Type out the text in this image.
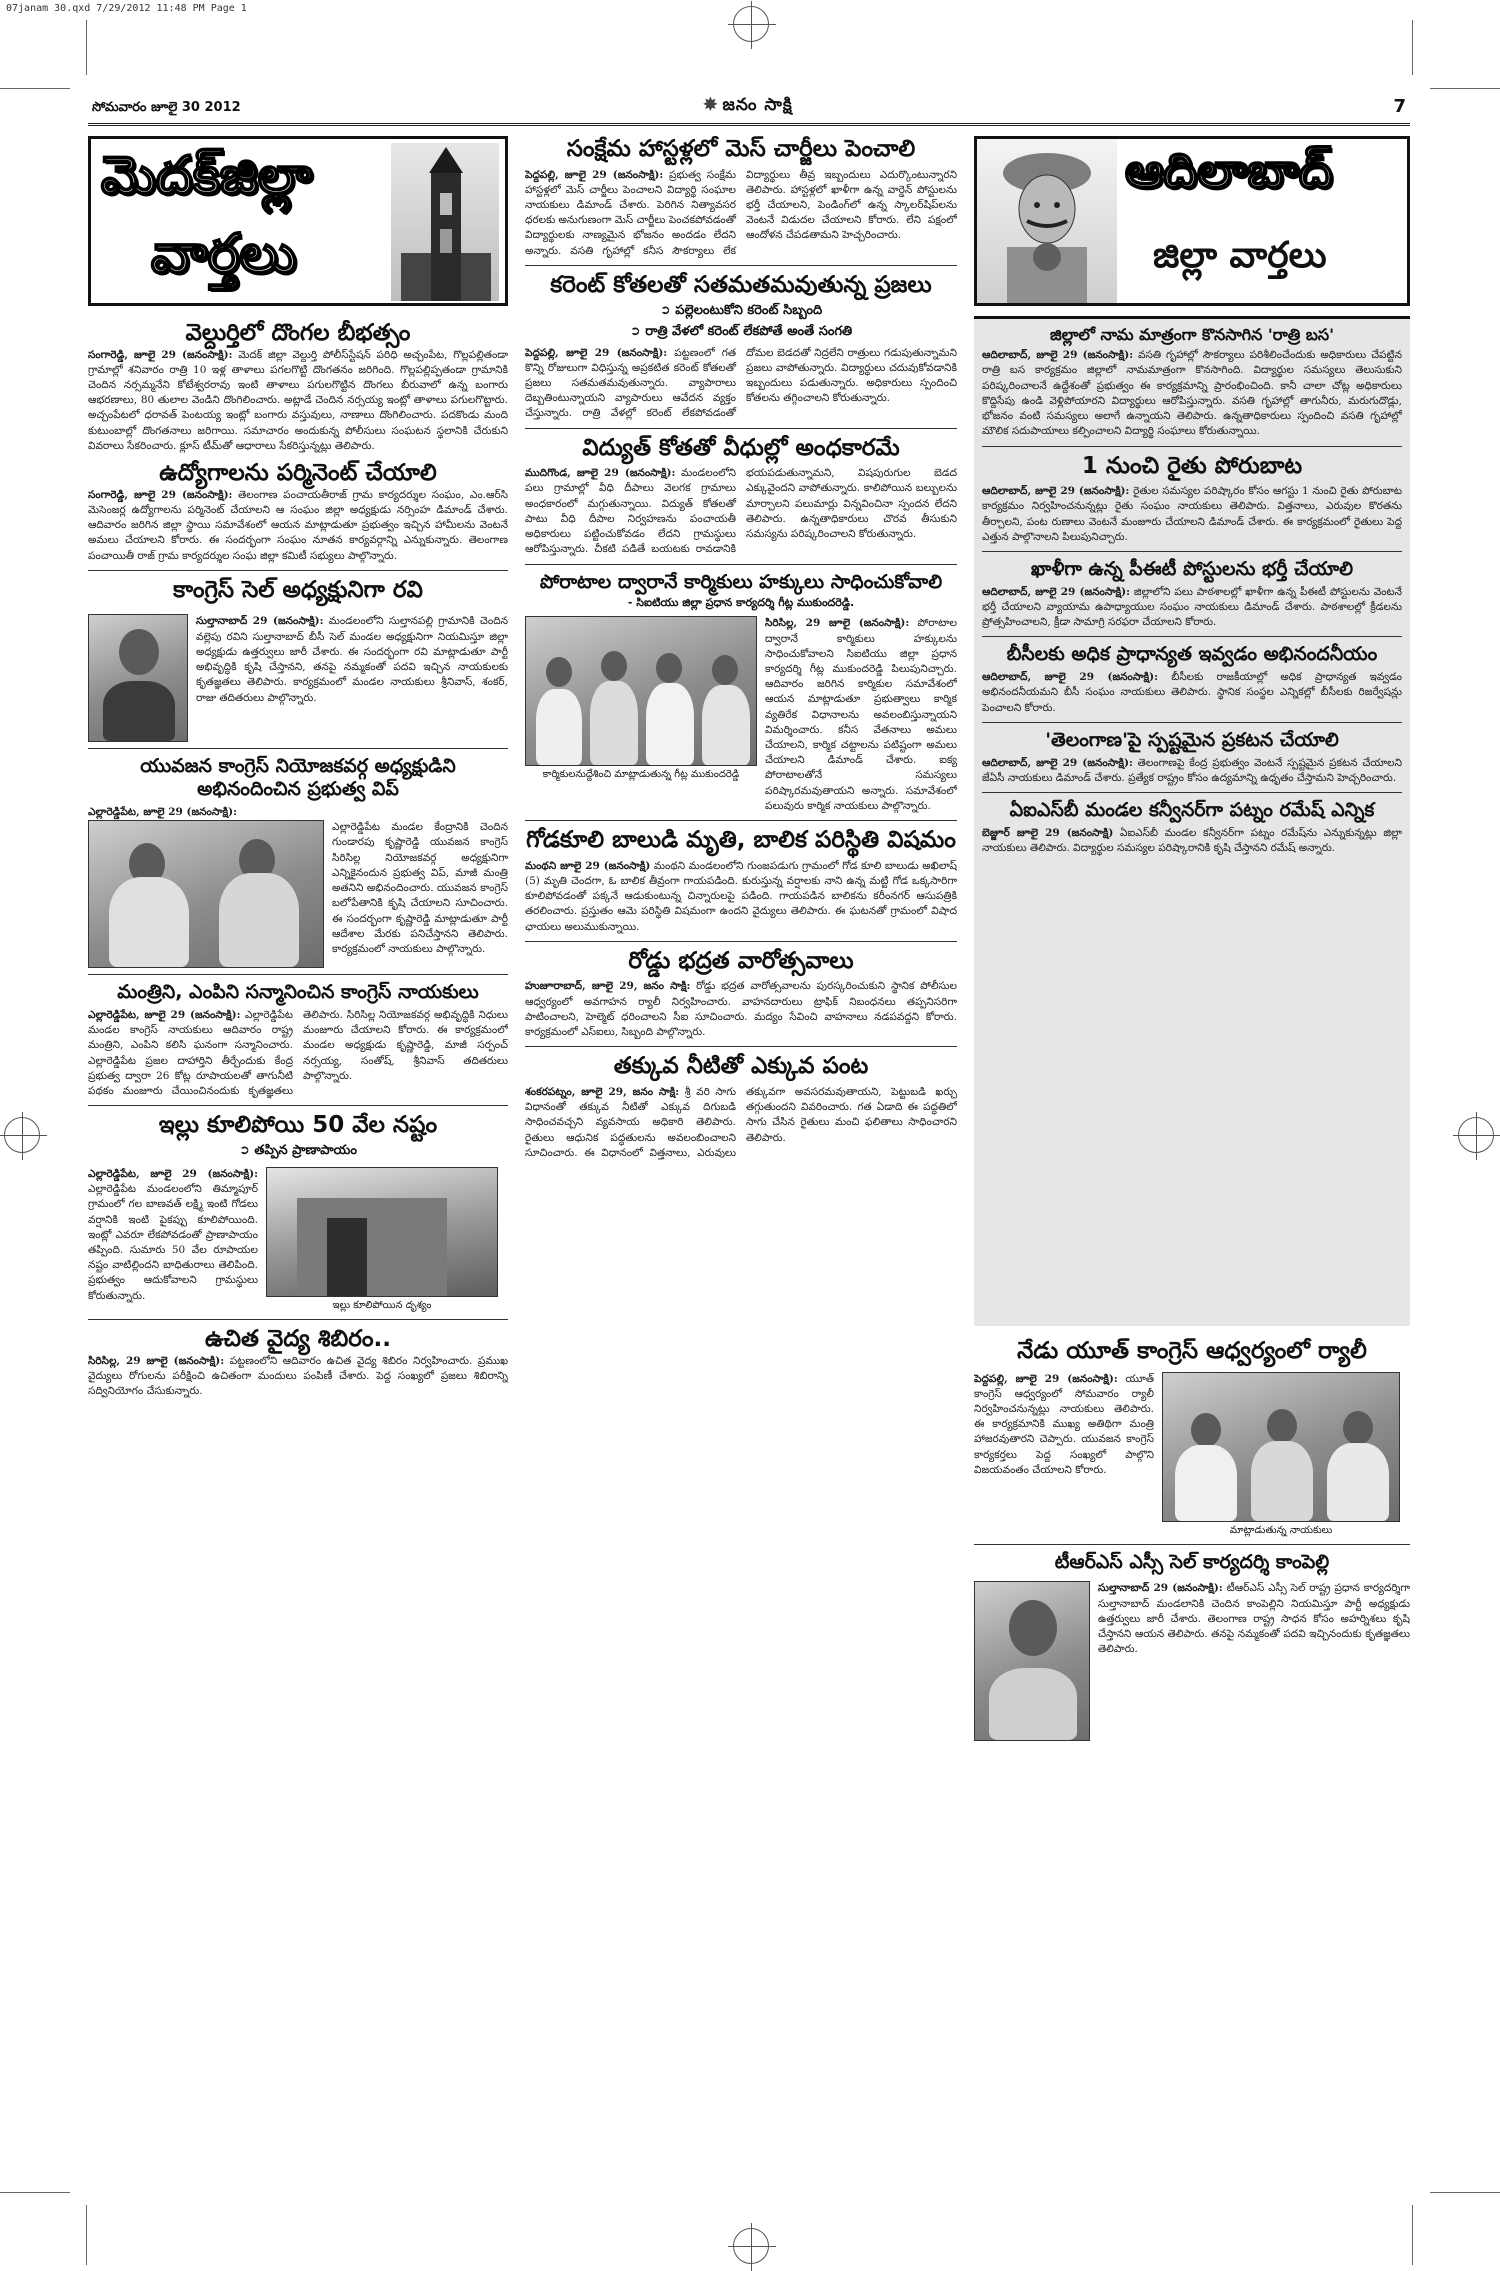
07janam 30.qxd 7/29/2012 11:48 PM Page 1
సోమవారం జూలై 30 2012	✸ జనం సాక్షి	7
మెదక్‌జిల్లా
వార్తలు
వెల్దుర్తిలో దొంగల బీభత్సం

సంగారెడ్డి, జూలై 29 (జనంసాక్షి): మెదక్ జిల్లా వెల్దుర్తి పోలీస్‌స్టేషన్ పరిధి అచ్చంపేట, గొల్లపల్లితండా గ్రామాల్లో శనివారం రాత్రి 10 ఇళ్ల తాళాలు పగలగొట్టి దొంగతనం జరిగింది. గొల్లపల్లిప్పతండా గ్రామానికి చెందిన నర్సమ్మనేని కోటేశ్వరరావు ఇంటి తాళాలు పగులగొట్టిన దొంగలు బీరువాలో ఉన్న బంగారు ఆభరణాలు, 80 తులాల వెండిని దొంగిలించారు. అట్లాడే చెందిన నర్సయ్య ఇంట్లో తాళాలు పగులగొట్టారు. అచ్చంపేటలో ధరావత్ పెంటయ్య ఇంట్లో బంగారు వస్తువులు, నాణాలు దొంగిలించారు. పదకొండు మంది కుటుంబాల్లో దొంగతనాలు జరిగాయి. సమాచారం అందుకున్న పోలీసులు సంఘటన స్థలానికి చేరుకుని వివరాలు సేకరించారు. క్లూస్ టీమ్‌తో ఆధారాలు సేకరిస్తున్నట్లు తెలిపారు.

ఉద్యోగాలను పర్మినెంట్ చేయాలి

సంగారెడ్డి, జూలై 29 (జనంసాక్షి): తెలంగాణ పంచాయతీరాజ్ గ్రామ కార్యదర్శుల సంఘం, ఎం.ఆర్‌సి మెసెంజర్ల ఉద్యోగాలను పర్మినెంట్ చేయాలని ఆ సంఘం జిల్లా అధ్యక్షుడు నర్సింహ డిమాండ్ చేశారు. ఆదివారం జరిగిన జిల్లా స్థాయి సమావేశంలో ఆయన మాట్లాడుతూ ప్రభుత్వం ఇచ్చిన హామీలను వెంటనే అమలు చేయాలని కోరారు. ఈ సందర్భంగా సంఘం నూతన కార్యవర్గాన్ని ఎన్నుకున్నారు. తెలంగాణ పంచాయితీ రాజ్ గ్రామ కార్యదర్శుల సంఘ జిల్లా కమిటీ సభ్యులు పాల్గొన్నారు.

కాంగ్రెస్ సెల్ అధ్యక్షునిగా రవి

సుల్తానాబాద్ 29 (జనంసాక్షి): మండలంలోని సుల్తానపల్లి గ్రామానికి చెందిన వల్లెపు రవిని సుల్తానాబాద్ బీసీ సెల్ మండల అధ్యక్షునిగా నియమిస్తూ జిల్లా అధ్యక్షుడు ఉత్తర్వులు జారీ చేశారు. ఈ సందర్భంగా రవి మాట్లాడుతూ పార్టీ అభివృద్ధికి కృషి చేస్తానని, తనపై నమ్మకంతో పదవి ఇచ్చిన నాయకులకు కృతజ్ఞతలు తెలిపారు. కార్యక్రమంలో మండల నాయకులు శ్రీనివాస్, శంకర్, రాజు తదితరులు పాల్గొన్నారు.

యువజన కాంగ్రెస్ నియోజకవర్గ అధ్యక్షుడిని అభినందించిన ప్రభుత్వ విప్

ఎల్లారెడ్డిపేట, జూలై 29 (జనంసాక్షి):

ఎల్లారెడ్డిపేట మండల కేంద్రానికి చెందిన గుండారపు కృష్ణారెడ్డి యువజన కాంగ్రెస్ సిరిసిల్ల నియోజకవర్గ అధ్యక్షునిగా ఎన్నికైనందున ప్రభుత్వ విప్, మాజీ మంత్రి అతనిని అభినందించారు. యువజన కాంగ్రెస్ బలోపేతానికి కృషి చేయాలని సూచించారు. ఈ సందర్భంగా కృష్ణారెడ్డి మాట్లాడుతూ పార్టీ ఆదేశాల మేరకు పనిచేస్తానని తెలిపారు. కార్యక్రమంలో నాయకులు పాల్గొన్నారు.

మంత్రిని, ఎంపిని సన్మానించిన కాంగ్రెస్ నాయకులు

ఎల్లారెడ్డిపేట, జూలై 29 (జనంసాక్షి): ఎల్లారెడ్డిపేట మండల కాంగ్రెస్ నాయకులు ఆదివారం రాష్ట్ర మంత్రిని, ఎంపిని కలిసి ఘనంగా సన్మానించారు. ఎల్లారెడ్డిపేట ప్రజల దాహార్తిని తీర్చేందుకు కేంద్ర ప్రభుత్వ ద్వారా 26 కోట్ల రూపాయలతో తాగునీటి పథకం మంజూరు చేయించినందుకు కృతజ్ఞతలు తెలిపారు. సిరిసిల్ల నియోజకవర్గ అభివృద్ధికి నిధులు మంజూరు చేయాలని కోరారు. ఈ కార్యక్రమంలో మండల అధ్యక్షుడు కృష్ణారెడ్డి, మాజీ సర్పంచ్ నర్సయ్య, సంతోష్, శ్రీనివాస్ తదితరులు పాల్గొన్నారు.

ఇల్లు కూలిపోయి 50 వేల నష్టం
➲ తప్పిన ప్రాణాపాయం

ఎల్లారెడ్డిపేట, జూలై 29 (జనంసాక్షి): ఎల్లారెడ్డిపేట మండలంలోని తిమ్మాపూర్ గ్రామంలో గల బాణవత్ లక్ష్మి ఇంటి గోడలు వర్షానికి ఇంటి పైకప్పు కూలిపోయింది. ఇంట్లో ఎవరూ లేకపోవడంతో ప్రాణాపాయం తప్పింది. సుమారు 50 వేల రూపాయల నష్టం వాటిల్లిందని బాధితురాలు తెలిపింది. ప్రభుత్వం ఆదుకోవాలని గ్రామస్థులు కోరుతున్నారు.

ఇల్లు కూలిపోయిన దృశ్యం
ఉచిత వైద్య శిబిరం..

సిరిసిల్ల, 29 జూలై (జనంసాక్షి): పట్టణంలోని ఆదివారం ఉచిత వైద్య శిబిరం నిర్వహించారు. ప్రముఖ వైద్యులు రోగులను పరీక్షించి ఉచితంగా మందులు పంపిణీ చేశారు. పెద్ద సంఖ్యలో ప్రజలు శిబిరాన్ని సద్వినియోగం చేసుకున్నారు.

సంక్షేమ హాస్టళ్లలో మెస్ చార్జీలు పెంచాలి

పెద్దపల్లి, జూలై 29 (జనంసాక్షి): ప్రభుత్వ సంక్షేమ హాస్టళ్లలో మెస్ చార్జీలు పెంచాలని విద్యార్థి సంఘాల నాయకులు డిమాండ్ చేశారు. పెరిగిన నిత్యావసర ధరలకు అనుగుణంగా మెస్ చార్జీలు పెంచకపోవడంతో విద్యార్థులకు నాణ్యమైన భోజనం అందడం లేదని అన్నారు. వసతి గృహాల్లో కనీస సౌకర్యాలు లేక విద్యార్థులు తీవ్ర ఇబ్బందులు ఎదుర్కొంటున్నారని తెలిపారు. హాస్టళ్లలో ఖాళీగా ఉన్న వార్డెన్ పోస్టులను భర్తీ చేయాలని, పెండింగ్‌లో ఉన్న స్కాలర్‌షిప్‌లను వెంటనే విడుదల చేయాలని కోరారు. లేని పక్షంలో ఆందోళన చేపడతామని హెచ్చరించారు.

కరెంట్ కోతలతో సతమతమవుతున్న ప్రజలు
➲ పల్లెలంటుకోని కరెంట్ సిబ్బంది
➲ రాత్రి వేళలో కరెంట్ లేకపోతే అంతే సంగతి

పెద్దపల్లి, జూలై 29 (జనంసాక్షి): పట్టణంలో గత కొన్ని రోజులుగా విధిస్తున్న అప్రకటిత కరెంట్ కోతలతో ప్రజలు సతమతమవుతున్నారు. వ్యాపారాలు దెబ్బతింటున్నాయని వ్యాపారులు ఆవేదన వ్యక్తం చేస్తున్నారు. రాత్రి వేళల్లో కరెంట్ లేకపోవడంతో దోమల బెడదతో నిద్రలేని రాత్రులు గడుపుతున్నామని ప్రజలు వాపోతున్నారు. విద్యార్థులు చదువుకోవడానికి ఇబ్బందులు పడుతున్నారు. అధికారులు స్పందించి కోతలను తగ్గించాలని కోరుతున్నారు.

విద్యుత్ కోతతో వీధుల్లో అంధకారమే

ముదిగొండ, జూలై 29 (జనంసాక్షి): మండలంలోని పలు గ్రామాల్లో వీధి దీపాలు వెలగక గ్రామాలు అంధకారంలో మగ్గుతున్నాయి. విద్యుత్ కోతలతో పాటు వీధి దీపాల నిర్వహణను పంచాయతీ అధికారులు పట్టించుకోవడం లేదని గ్రామస్థులు ఆరోపిస్తున్నారు. చీకటి పడితే బయటకు రావడానికి భయపడుతున్నామని, విషపురుగుల బెడద ఎక్కువైందని వాపోతున్నారు. కాలిపోయిన బల్బులను మార్చాలని పలుమార్లు విన్నవించినా స్పందన లేదని తెలిపారు. ఉన్నతాధికారులు చొరవ తీసుకుని సమస్యను పరిష్కరించాలని కోరుతున్నారు.

పోరాటాల ద్వారానే కార్మికులు హక్కులు సాధించుకోవాలి
- సిఐటియు జిల్లా ప్రధాన కార్యదర్శి గీట్ల ముకుందరెడ్డి.
కార్మికులనుద్దేశించి మాట్లాడుతున్న గీట్ల ముకుందరెడ్డి

సిరిసిల్ల, 29 జూలై (జనంసాక్షి): పోరాటాల ద్వారానే కార్మికులు హక్కులను సాధించుకోవాలని సిఐటియు జిల్లా ప్రధాన కార్యదర్శి గీట్ల ముకుందరెడ్డి పిలుపునిచ్చారు. ఆదివారం జరిగిన కార్మికుల సమావేశంలో ఆయన మాట్లాడుతూ ప్రభుత్వాలు కార్మిక వ్యతిరేక విధానాలను అవలంబిస్తున్నాయని విమర్శించారు. కనీస వేతనాలు అమలు చేయాలని, కార్మిక చట్టాలను పటిష్టంగా అమలు చేయాలని డిమాండ్ చేశారు. ఐక్య పోరాటాలతోనే సమస్యలు పరిష్కారమవుతాయని అన్నారు. సమావేశంలో పలువురు కార్మిక నాయకులు పాల్గొన్నారు.

గోడకూలి బాలుడి మృతి, బాలిక పరిస్థితి విషమం

మంథని జూలై 29 (జనంసాక్షి) మంథని మండలంలోని గుంజపడుగు గ్రామంలో గోడ కూలి బాలుడు అఖిలాష్ (5) మృతి చెందగా, ఓ బాలిక తీవ్రంగా గాయపడింది. కురుస్తున్న వర్షాలకు నాని ఉన్న మట్టి గోడ ఒక్కసారిగా కూలిపోవడంతో పక్కనే ఆడుకుంటున్న చిన్నారులపై పడింది. గాయపడిన బాలికను కరీంనగర్ ఆసుపత్రికి తరలించారు. ప్రస్తుతం ఆమె పరిస్థితి విషమంగా ఉందని వైద్యులు తెలిపారు. ఈ ఘటనతో గ్రామంలో విషాద ఛాయలు అలుముకున్నాయి.

రోడ్డు భద్రత వారోత్సవాలు

హుజూరాబాద్, జూలై 29, జనం సాక్షి: రోడ్డు భద్రత వారోత్సవాలను పురస్కరించుకుని స్థానిక పోలీసుల ఆధ్వర్యంలో అవగాహన ర్యాలీ నిర్వహించారు. వాహనదారులు ట్రాఫిక్ నిబంధనలు తప్పనిసరిగా పాటించాలని, హెల్మెట్ ధరించాలని సీఐ సూచించారు. మద్యం సేవించి వాహనాలు నడపవద్దని కోరారు. కార్యక్రమంలో ఎస్ఐలు, సిబ్బంది పాల్గొన్నారు.

తక్కువ నీటితో ఎక్కువ పంట

శంకరపట్నం, జూలై 29, జనం సాక్షి: శ్రీ వరి సాగు విధానంతో తక్కువ నీటితో ఎక్కువ దిగుబడి సాధించవచ్చని వ్యవసాయ అధికారి తెలిపారు. రైతులు ఆధునిక పద్ధతులను అవలంబించాలని సూచించారు. ఈ విధానంలో విత్తనాలు, ఎరువులు తక్కువగా అవసరమవుతాయని, పెట్టుబడి ఖర్చు తగ్గుతుందని వివరించారు. గత ఏడాది ఈ పద్ధతిలో సాగు చేసిన రైతులు మంచి ఫలితాలు సాధించారని తెలిపారు.

ఆదిలాబాద్
జిల్లా వార్తలు
జిల్లాలో నామ మాత్రంగా కొనసాగిన 'రాత్రి బస'

ఆదిలాబాద్, జూలై 29 (జనంసాక్షి): వసతి గృహాల్లో సౌకర్యాలు పరిశీలించేందుకు అధికారులు చేపట్టిన రాత్రి బస కార్యక్రమం జిల్లాలో నామమాత్రంగా కొనసాగింది. విద్యార్థుల సమస్యలు తెలుసుకుని పరిష్కరించాలనే ఉద్దేశంతో ప్రభుత్వం ఈ కార్యక్రమాన్ని ప్రారంభించింది. కానీ చాలా చోట్ల అధికారులు కొద్దిసేపు ఉండి వెళ్లిపోయారని విద్యార్థులు ఆరోపిస్తున్నారు. వసతి గృహాల్లో తాగునీరు, మరుగుదొడ్లు, భోజనం వంటి సమస్యలు అలాగే ఉన్నాయని తెలిపారు. ఉన్నతాధికారులు స్పందించి వసతి గృహాల్లో మౌలిక సదుపాయాలు కల్పించాలని విద్యార్థి సంఘాలు కోరుతున్నాయి.

1 నుంచి రైతు పోరుబాట

ఆదిలాబాద్, జూలై 29 (జనంసాక్షి): రైతుల సమస్యల పరిష్కారం కోసం ఆగస్టు 1 నుంచి రైతు పోరుబాట కార్యక్రమం నిర్వహించనున్నట్లు రైతు సంఘం నాయకులు తెలిపారు. విత్తనాలు, ఎరువుల కొరతను తీర్చాలని, పంట రుణాలు వెంటనే మంజూరు చేయాలని డిమాండ్ చేశారు. ఈ కార్యక్రమంలో రైతులు పెద్ద ఎత్తున పాల్గొనాలని పిలుపునిచ్చారు.

ఖాళీగా ఉన్న పీఈటీ పోస్టులను భర్తీ చేయాలి

ఆదిలాబాద్, జూలై 29 (జనంసాక్షి): జిల్లాలోని పలు పాఠశాలల్లో ఖాళీగా ఉన్న పీఈటీ పోస్టులను వెంటనే భర్తీ చేయాలని వ్యాయామ ఉపాధ్యాయుల సంఘం నాయకులు డిమాండ్ చేశారు. పాఠశాలల్లో క్రీడలను ప్రోత్సహించాలని, క్రీడా సామాగ్రి సరఫరా చేయాలని కోరారు.

బీసీలకు అధిక ప్రాధాన్యత ఇవ్వడం అభినందనీయం

ఆదిలాబాద్, జూలై 29 (జనంసాక్షి): బీసీలకు రాజకీయాల్లో అధిక ప్రాధాన్యత ఇవ్వడం అభినందనీయమని బీసీ సంఘం నాయకులు తెలిపారు. స్థానిక సంస్థల ఎన్నికల్లో బీసీలకు రిజర్వేషన్లు పెంచాలని కోరారు.

'తెలంగాణ'పై స్పష్టమైన ప్రకటన చేయాలి

ఆదిలాబాద్, జూలై 29 (జనంసాక్షి): తెలంగాణపై కేంద్ర ప్రభుత్వం వెంటనే స్పష్టమైన ప్రకటన చేయాలని జేఏసీ నాయకులు డిమాండ్ చేశారు. ప్రత్యేక రాష్ట్రం కోసం ఉద్యమాన్ని ఉధృతం చేస్తామని హెచ్చరించారు.

ఏఐఎస్‌బీ మండల కన్వీనర్‌గా పట్నం రమేష్ ఎన్నిక

బెజ్జూర్ జూలై 29 (జనంసాక్షి) ఏఐఎస్‌బీ మండల కన్వీనర్‌గా పట్నం రమేష్‌ను ఎన్నుకున్నట్లు జిల్లా నాయకులు తెలిపారు. విద్యార్థుల సమస్యల పరిష్కారానికి కృషి చేస్తానని రమేష్ అన్నారు.

నేడు యూత్ కాంగ్రెస్ ఆధ్వర్యంలో ర్యాలీ

పెద్దపల్లి, జూలై 29 (జనంసాక్షి): యూత్ కాంగ్రెస్ ఆధ్వర్యంలో సోమవారం ర్యాలీ నిర్వహించనున్నట్లు నాయకులు తెలిపారు. ఈ కార్యక్రమానికి ముఖ్య అతిథిగా మంత్రి హాజరవుతారని చెప్పారు. యువజన కాంగ్రెస్ కార్యకర్తలు పెద్ద సంఖ్యలో పాల్గొని విజయవంతం చేయాలని కోరారు.

మాట్లాడుతున్న నాయకులు
టీఆర్‌ఎస్ ఎస్సీ సెల్ కార్యదర్శి కాంపెల్లి

సుల్తానాబాద్ 29 (జనంసాక్షి): టీఆర్‌ఎస్ ఎస్సీ సెల్ రాష్ట్ర ప్రధాన కార్యదర్శిగా సుల్తానాబాద్ మండలానికి చెందిన కాంపెల్లిని నియమిస్తూ పార్టీ అధ్యక్షుడు ఉత్తర్వులు జారీ చేశారు. తెలంగాణ రాష్ట్ర సాధన కోసం అహర్నిశలు కృషి చేస్తానని ఆయన తెలిపారు. తనపై నమ్మకంతో పదవి ఇచ్చినందుకు కృతజ్ఞతలు తెలిపారు.
